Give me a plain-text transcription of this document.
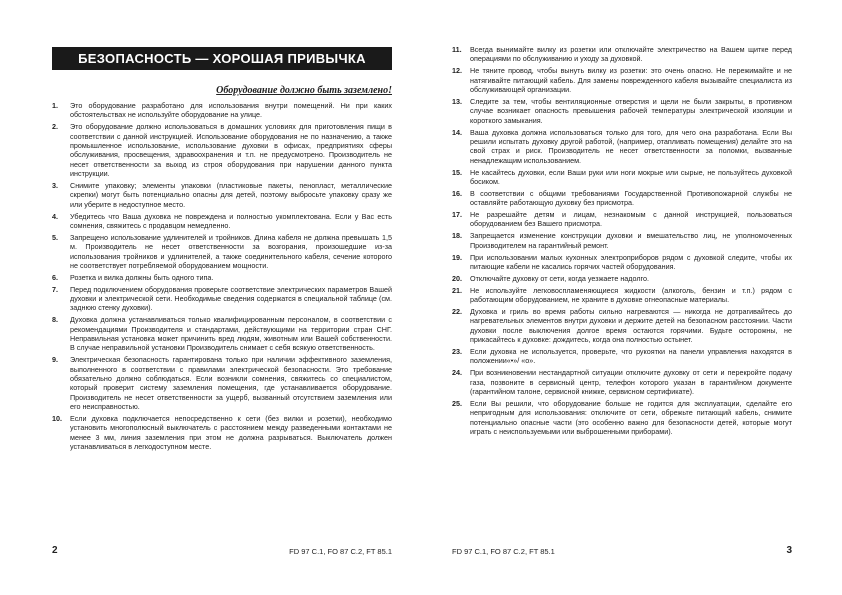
БЕЗОПАСНОСТЬ — ХОРОШАЯ ПРИВЫЧКА
Оборудование должно быть заземлено!
1.	Это оборудование разработано для использования внутри помещений. Ни при каких обстоятельствах не используйте оборудование на улице.
2.	Это оборудование должно использоваться в домашних условиях для приготовления пищи в соответствии с данной инструкцией. Использование оборудования не по назначению, а также промышленное использование, использование духовки в офисах, предприятиях сферы обслуживания, просвещения, здравоохранения и т.п. не предусмотрено. Производитель не несет ответственности за выход из строя оборудования при нарушении данного пункта инструкции.
3.	Снимите упаковку; элементы упаковки (пластиковые пакеты, пенопласт, металлические скрепки) могут быть потенциально опасны для детей, поэтому выбросьте упаковку сразу же или уберите в недоступное место.
4.	Убедитесь что Ваша духовка не повреждена и полностью укомплектована. Если у Вас есть сомнения, свяжитесь с продавцом немедленно.
5.	Запрещено использование удлинителей и тройников. Длина кабеля не должна превышать 1,5 м. Производитель не несет ответственности за возгорания, произошедшие из-за использования тройников и удлинителей, а также соединительного кабеля, сечение которого не соответствует потребляемой оборудованием мощности.
6.	Розетка и вилка должны быть одного типа.
7.	Перед подключением оборудования проверьте соответствие электрических параметров Вашей духовки и электрической сети. Необходимые сведения содержатся в специальной таблице (см. заднюю стенку духовки).
8.	Духовка должна устанавливаться только квалифицированным персоналом, в соответствии с рекомендациями Производителя и стандартами, действующими на территории стран СНГ. Неправильная установка может причинить вред людям, животным или Вашей собственности. В случае неправильной установки Производитель снимает с себя всякую ответственность.
9.	Электрическая безопасность гарантирована только при наличии эффективного заземления, выполненного в соответствии с правилами электрической безопасности. Это требование обязательно должно соблюдаться. Если возникли сомнения, свяжитесь со специалистом, который проверит систему заземления помещения, где устанавливается оборудование. Производитель не несет ответственности за ущерб, вызванный отсутствием заземления или его неисправностью.
10.	Если духовка подключается непосредственно к сети (без вилки и розетки), необходимо установить многополюсный выключатель с расстоянием между разведенными контактами не менее 3 мм, линия заземления при этом не должна разрываться. Выключатель должен устанавливаться в легкодоступном месте.
2	FD 97 C.1, FO 87 C.2, FT 85.1
11.	Всегда вынимайте вилку из розетки или отключайте электричество на Вашем щитке перед операциями по обслуживанию и уходу за духовкой.
12.	Не тяните провод, чтобы вынуть вилку из розетки: это очень опасно. Не пережимайте и не натягивайте питающий кабель. Для замены поврежденного кабеля вызывайте специалиста из обслуживающей организации.
13.	Следите за тем, чтобы вентиляционные отверстия и щели не были закрыты, в противном случае возникает опасность превышения рабочей температуры электрической изоляции и короткого замыкания.
14.	Ваша духовка должна использоваться только для того, для чего она разработана. Если Вы решили испытать духовку другой работой, (например, отапливать помещения) делайте это на свой страх и риск. Производитель не несет ответственности за поломки, вызванные ненадлежащим использованием.
15.	Не касайтесь духовки, если Ваши руки или ноги мокрые или сырые, не пользуйтесь духовкой босиком.
16.	В соответствии с общими требованиями Государственной Противопожарной службы не оставляйте работающую духовку без присмотра.
17.	Не разрешайте детям и лицам, незнакомым с данной инструкцией, пользоваться оборудованием без Вашего присмотра.
18.	Запрещается изменение конструкции духовки и вмешательство лиц, не уполномоченных Производителем на гарантийный ремонт.
19.	При использовании малых кухонных электроприборов рядом с духовкой следите, чтобы их питающие кабели не касались горячих частей оборудования.
20.	Отключайте духовку от сети, когда уезжаете надолго.
21.	Не используйте легковоспламеняющиеся жидкости (алкоголь, бензин и т.п.) рядом с работающим оборудованием, не храните в духовке огнеопасные материалы.
22.	Духовка и гриль во время работы сильно нагреваются — никогда не дотрагивайтесь до нагревательных элементов внутри духовки и держите детей на безопасном расстоянии. Части духовки после выключения долгое время остаются горячими. Будьте осторожны, не прикасайтесь к духовке: дождитесь, когда она полностью остынет.
23.	Если духовка не используется, проверьте, что рукоятки на панели управления находятся в положении«•»/ «о».
24.	При возникновении нестандартной ситуации отключите духовку от сети и перекройте подачу газа, позвоните в сервисный центр, телефон которого указан в гарантийном документе (гарантийном талоне, сервисной книжке, сервисном сертификате).
25.	Если Вы решили, что оборудование больше не годится для эксплуатации, сделайте его непригодным для использования: отключите от сети, обрежьте питающий кабель, снимите потенциально опасные части (это особенно важно для безопасности детей, которые могут играть с неиспользуемыми или выброшенными приборами).
FD 97 C.1, FO 87 C.2, FT 85.1	3
